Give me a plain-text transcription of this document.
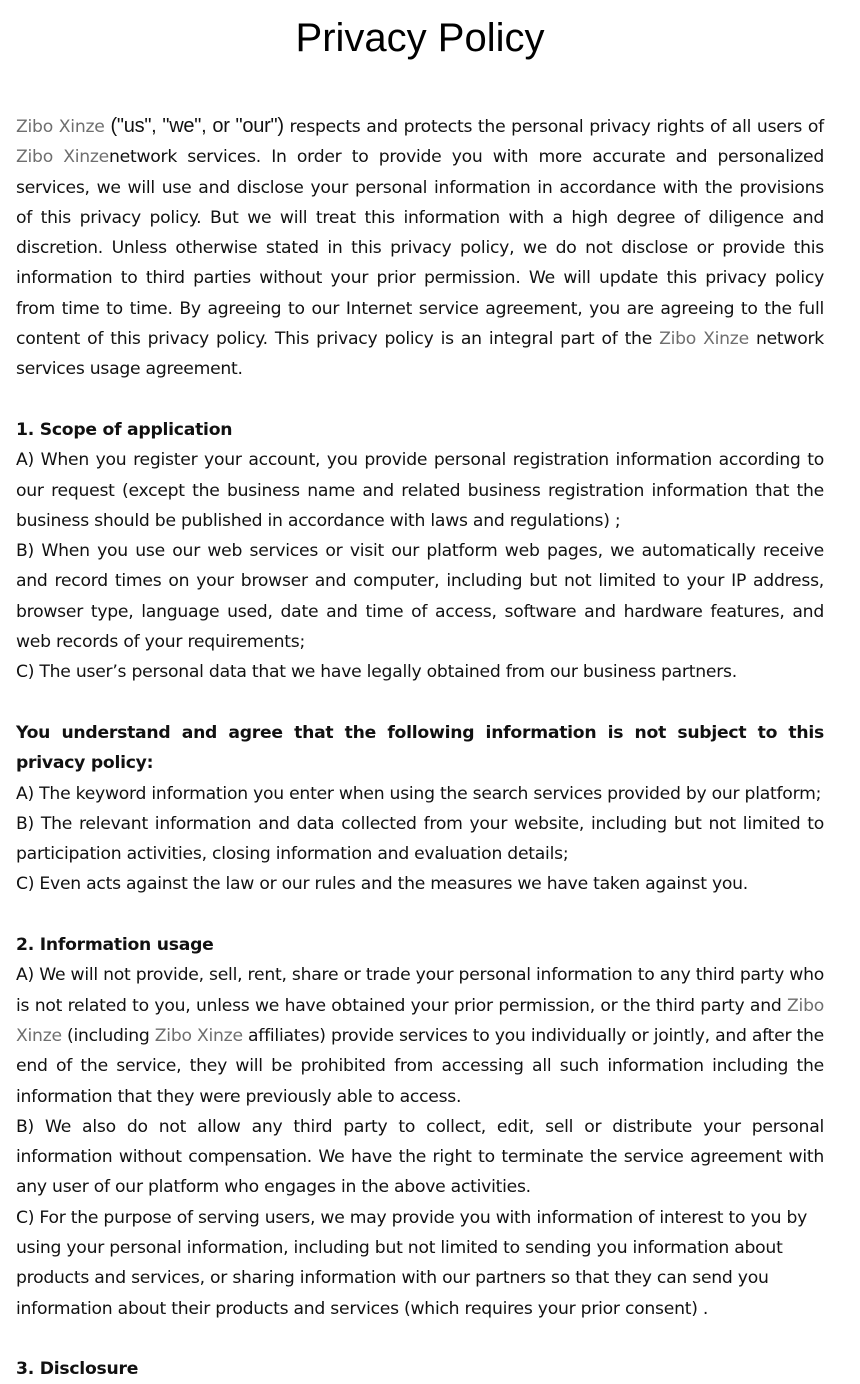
Privacy Policy

Zibo Xinze ("us", "we", or "our") respects and protects the personal privacy rights of all users of Zibo Xinzenetwork services. In order to provide you with more accurate and personalized services, we will use and disclose your personal information in accordance with the provisions of this privacy policy. But we will treat this information with a high degree of diligence and discretion. Unless otherwise stated in this privacy policy, we do not disclose or provide this information to third parties without your prior permission. We will update this privacy policy from time to time. By agreeing to our Internet service agreement, you are agreeing to the full content of this privacy policy. This privacy policy is an integral part of the Zibo Xinze network services usage agreement.

1. Scope of application

A) When you register your account, you provide personal registration information according to our request (except the business name and related business registration information that the business should be published in accordance with laws and regulations) ;

B) When you use our web services or visit our platform web pages, we automatically receive and record times on your browser and computer, including but not limited to your IP address, browser type, language used, date and time of access, software and hardware features, and web records of your requirements;

C) The user’s personal data that we have legally obtained from our business partners.

You understand and agree that the following information is not subject to this privacy policy:

A) The keyword information you enter when using the search services provided by our platform;

B) The relevant information and data collected from your website, including but not limited to participation activities, closing information and evaluation details;

C) Even acts against the law or our rules and the measures we have taken against you.

2. Information usage

A) We will not provide, sell, rent, share or trade your personal information to any third party who is not related to you, unless we have obtained your prior permission, or the third party and Zibo Xinze (including Zibo Xinze affiliates) provide services to you individually or jointly, and after the end of the service, they will be prohibited from accessing all such information including the information that they were previously able to access.

B) We also do not allow any third party to collect, edit, sell or distribute your personal information without compensation. We have the right to terminate the service agreement with any user of our platform who engages in the above activities.

C) For the purpose of serving users, we may provide you with information of interest to you by using your personal information, including but not limited to sending you information about products and services, or sharing information with our partners so that they can send you information about their products and services (which requires your prior consent) .

3. Disclosure
